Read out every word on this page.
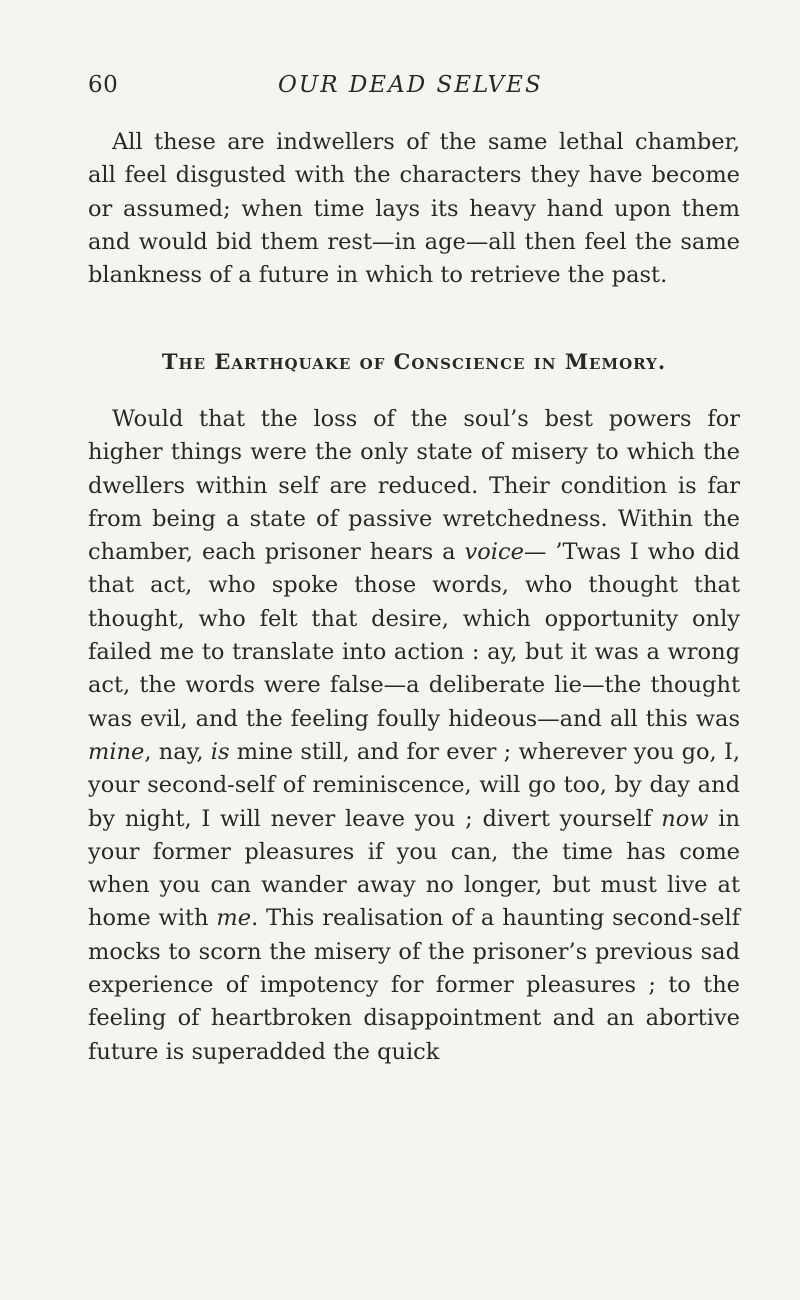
60	OUR DEAD SELVES

All these are indwellers of the same lethal chamber, all feel disgusted with the characters they have become or assumed; when time lays its heavy hand upon them and would bid them rest—in age—all then feel the same blankness of a future in which to retrieve the past.

The Earthquake of Conscience in Memory.

Would that the loss of the soul’s best powers for higher things were the only state of misery to which the dwellers within self are reduced. Their condition is far from being a state of passive wretchedness. Within the chamber, each prisoner hears a voice— ’Twas I who did that act, who spoke those words, who thought that thought, who felt that desire, which opportunity only failed me to translate into action : ay, but it was a wrong act, the words were false—a deliberate lie—the thought was evil, and the feeling foully hideous—and all this was mine, nay, is mine still, and for ever ; wherever you go, I, your second-self of reminiscence, will go too, by day and by night, I will never leave you ; divert yourself now in your former pleasures if you can, the time has come when you can wander away no longer, but must live at home with me. This realisation of a haunting second-self mocks to scorn the misery of the prisoner’s previous sad experience of impotency for former pleasures ; to the feeling of heartbroken disappointment and an abortive future is superadded the quick
